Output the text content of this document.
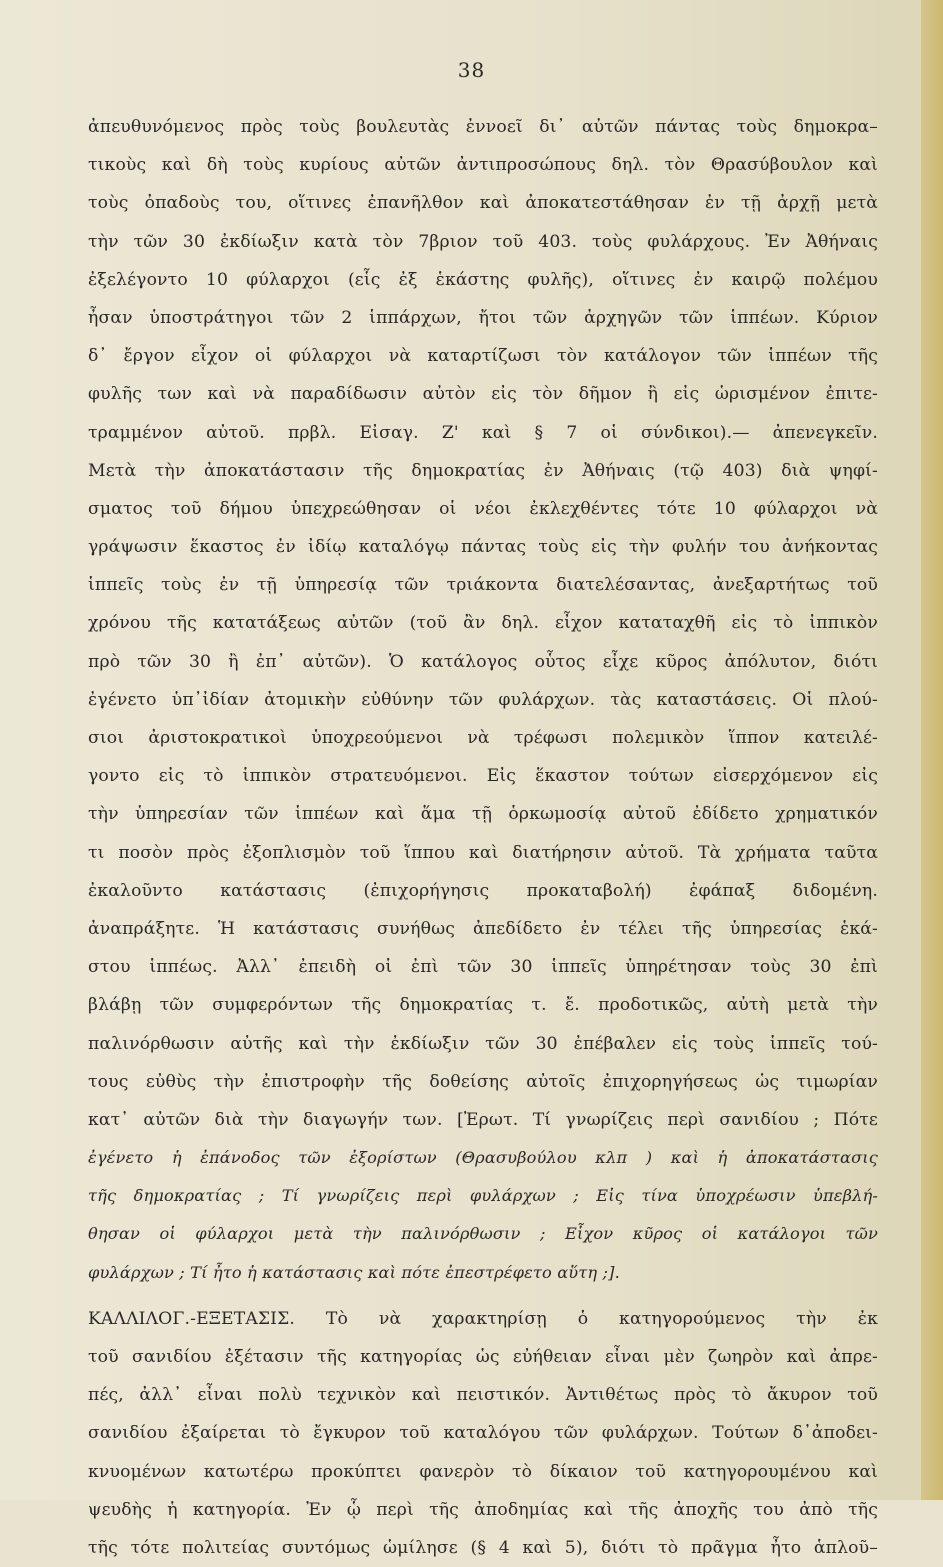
38
ἀπευθυνόμενος πρὸς τοὺς βουλευτὰς ἐννοεῖ δι᾽ αὐτῶν πάντας τοὺς δημοκρα–
τικοὺς καὶ δὴ τοὺς κυρίους αὐτῶν ἀντιπροσώπους δηλ. τὸν Θρασύβουλον καὶ
τοὺς ὀπαδοὺς του, οἵτινες ἐπανῆλθον καὶ ἀποκατεστάθησαν ἐν τῇ ἀρχῇ μετὰ
τὴν τῶν 30 ἐκδίωξιν κατὰ τὸν 7βριον τοῦ 403. τοὺς φυλάρχους. Ἐν Ἀθήναις
ἐξελέγοντο 10 φύλαρχοι (εἷς ἐξ ἑκάστης φυλῆς), οἵτινες ἐν καιρῷ πολέμου
ἦσαν ὑποστράτηγοι τῶν 2 ἱππάρχων, ἤτοι τῶν ἀρχηγῶν τῶν ἱππέων. Κύριον
δ᾽ ἔργον εἶχον οἱ φύλαρχοι νὰ καταρτίζωσι τὸν κατάλογον τῶν ἱππέων τῆς
φυλῆς των καὶ νὰ παραδίδωσιν αὐτὸν εἰς τὸν δῆμον ἢ εἰς ὡρισμένον ἐπιτε-
τραμμένον αὐτοῦ. πρβλ. Εἰσαγ. Ζ' καὶ § 7 οἱ σύνδικοι).— ἀπενεγκεῖν.
Μετὰ τὴν ἀποκατάστασιν τῆς δημοκρατίας ἐν Ἀθήναις (τῷ 403) διὰ ψηφί-
σματος τοῦ δήμου ὑπεχρεώθησαν οἱ νέοι ἐκλεχθέντες τότε 10 φύλαρχοι νὰ
γράψωσιν ἕκαστος ἐν ἰδίῳ καταλόγῳ πάντας τοὺς εἰς τὴν φυλήν του ἀνήκοντας
ἱππεῖς τοὺς ἐν τῇ ὑπηρεσίᾳ τῶν τριάκοντα διατελέσαντας, ἀνεξαρτήτως τοῦ
χρόνου τῆς κατατάξεως αὐτῶν (τοῦ ἂν δηλ. εἶχον καταταχθῆ εἰς τὸ ἱππικὸν
πρὸ τῶν 30 ἢ ἐπ᾽ αὐτῶν). Ὁ κατάλογος οὗτος εἶχε κῦρος ἀπόλυτον, διότι
ἐγένετο ὑπ᾽ἰδίαν ἀτομικὴν εὐθύνην τῶν φυλάρχων. τὰς καταστάσεις. Οἱ πλού-
σιοι ἀριστοκρατικοὶ ὑποχρεούμενοι νὰ τρέφωσι πολεμικὸν ἵππον κατειλέ-
γοντο εἰς τὸ ἱππικὸν στρατευόμενοι. Εἰς ἕκαστον τούτων εἰσερχόμενον εἰς
τὴν ὑπηρεσίαν τῶν ἱππέων καὶ ἅμα τῇ ὁρκωμοσίᾳ αὐτοῦ ἐδίδετο χρηματικόν
τι ποσὸν πρὸς ἐξοπλισμὸν τοῦ ἵππου καὶ διατήρησιν αὐτοῦ. Τὰ χρήματα ταῦτα
ἐκαλοῦντο κατάστασις (ἐπιχορήγησις προκαταβολή) ἐφάπαξ διδομένη.
ἀναπράξητε. Ἡ κατάστασις συνήθως ἀπεδίδετο ἐν τέλει τῆς ὑπηρεσίας ἑκά-
στου ἱππέως. Ἀλλ᾽ ἐπειδὴ οἱ ἐπὶ τῶν 30 ἱππεῖς ὑπηρέτησαν τοὺς 30 ἐπὶ
βλάβῃ τῶν συμφερόντων τῆς δημοκρατίας τ. ἔ. προδοτικῶς, αὐτὴ μετὰ τὴν
παλινόρθωσιν αὐτῆς καὶ τὴν ἐκδίωξιν τῶν 30 ἐπέβαλεν εἰς τοὺς ἱππεῖς τού-
τους εὐθὺς τὴν ἐπιστροφὴν τῆς δοθείσης αὐτοῖς ἐπιχορηγήσεως ὡς τιμωρίαν
κατ᾽ αὐτῶν διὰ τὴν διαγωγήν των. [Ἐρωτ. Τί γνωρίζεις περὶ σανιδίου ; Πότε
ἐγένετο ἡ ἐπάνοδος τῶν ἐξορίστων (Θρασυβούλου κλπ ) καὶ ἡ ἀποκατάστασις
τῆς δημοκρατίας ; Τί γνωρίζεις περὶ φυλάρχων ; Εἰς τίνα ὑποχρέωσιν ὑπεβλή-
θησαν οἱ φύλαρχοι μετὰ τὴν παλινόρθωσιν ; Εἶχον κῦρος οἱ κατάλογοι τῶν
φυλάρχων ; Τί ἦτο ἡ κατάστασις καὶ πότε ἐπεστρέφετο αὕτη ;].
ΚΑΛΛΙΛΟΓ.-ΕΞΕΤΑΣΙΣ. Τὸ νὰ χαρακτηρίσῃ ὁ κατηγορούμενος τὴν ἐκ
τοῦ σανιδίου ἐξέτασιν τῆς κατηγορίας ὡς εὐήθειαν εἶναι μὲν ζωηρὸν καὶ ἀπρε-
πές, ἀλλ᾽ εἶναι πολὺ τεχνικὸν καὶ πειστικόν. Ἀντιθέτως πρὸς τὸ ἄκυρον τοῦ
σανιδίου ἐξαίρεται τὸ ἔγκυρον τοῦ καταλόγου τῶν φυλάρχων. Τούτων δ᾽ἀποδει-
κνυομένων κατωτέρω προκύπτει φανερὸν τὸ δίκαιον τοῦ κατηγορουμένου καὶ
ψευδὴς ἡ κατηγορία. Ἐν ᾧ περὶ τῆς ἀποδημίας καὶ τῆς ἀποχῆς του ἀπὸ τῆς
τῆς τότε πολιτείας συντόμως ὡμίλησε (§ 4 καὶ 5), διότι τὸ πρᾶγμα ἦτο ἁπλοῦ–
